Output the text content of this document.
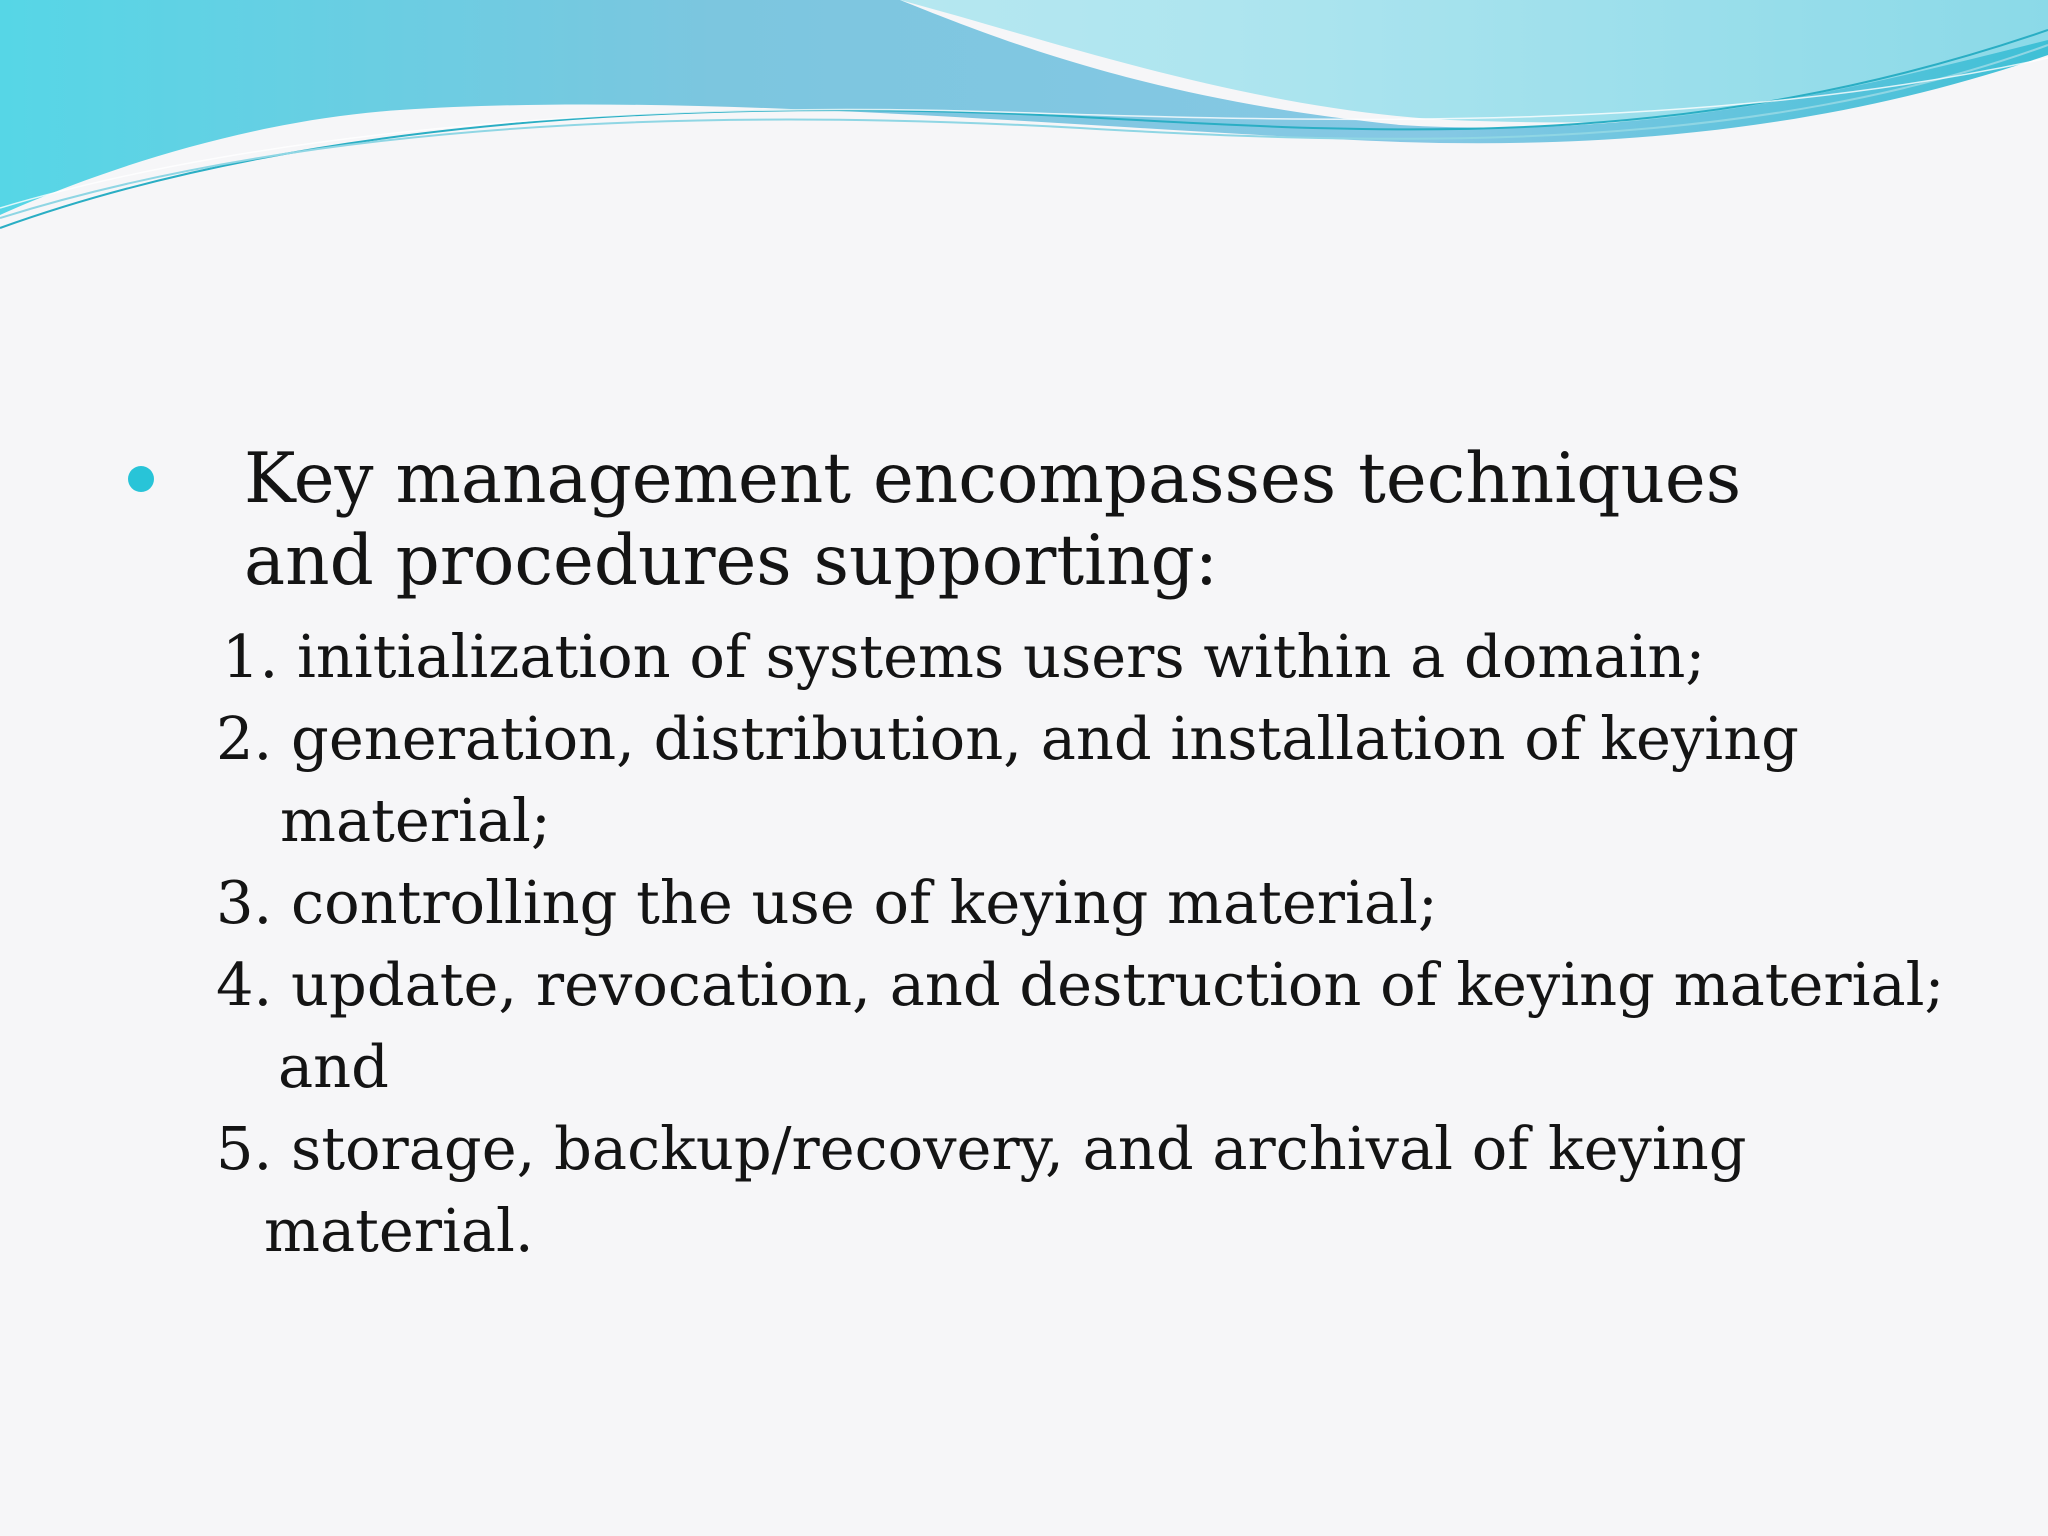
Key management encompasses techniques and procedures supporting:

1. initialization of systems users within a domain;

2. generation, distribution, and installation of keying

material;

3. controlling the use of keying material;

4. update, revocation, and destruction of keying material;

and

5. storage, backup/recovery, and archival of keying

material.
